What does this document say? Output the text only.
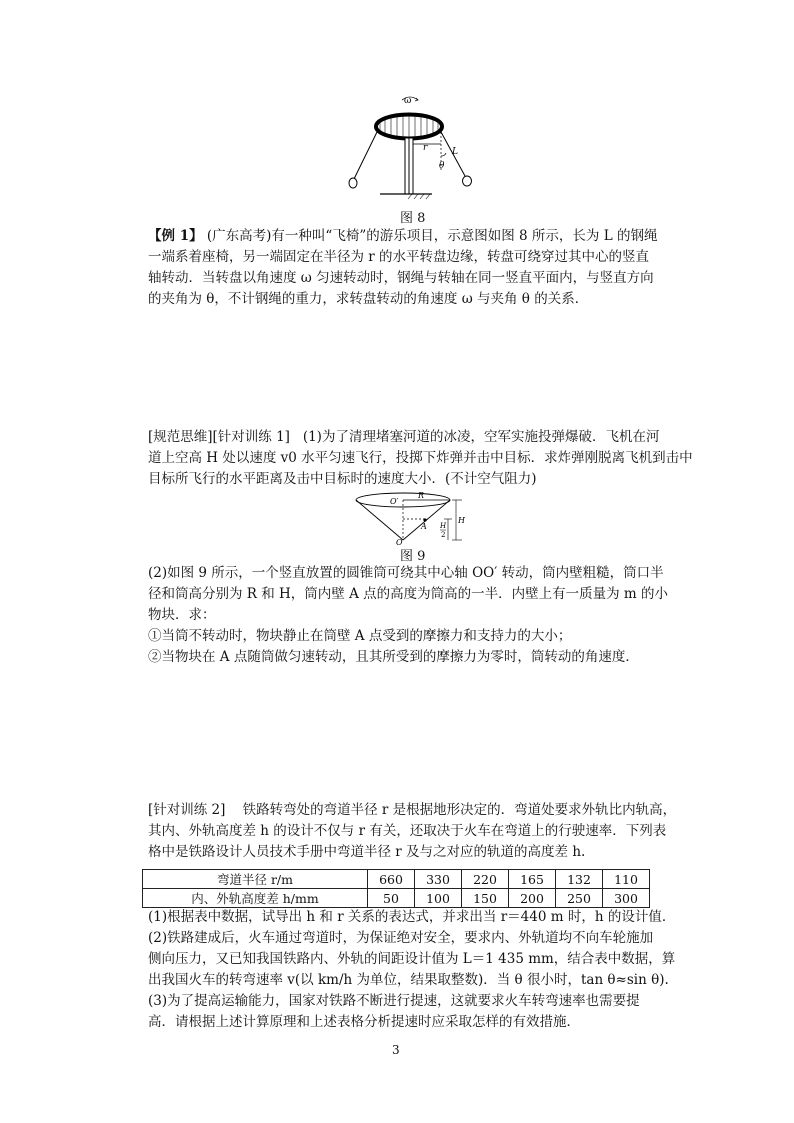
ω
r
θ
L
图 8
【例 1】 (广东高考)有一种叫“飞椅”的游乐项目，示意图如图 8 所示，长为 L 的钢绳
一端系着座椅，另一端固定在半径为 r 的水平转盘边缘，转盘可绕穿过其中心的竖直
轴转动．当转盘以角速度 ω 匀速转动时，钢绳与转轴在同一竖直平面内，与竖直方向
的夹角为 θ，不计钢绳的重力，求转盘转动的角速度 ω 与夹角 θ 的关系．
[规范思维][针对训练 1] (1)为了清理堵塞河道的冰凌，空军实施投弹爆破．飞机在河
道上空高 H 处以速度 v0 水平匀速飞行，投掷下炸弹并击中目标．求炸弹刚脱离飞机到击中
目标所飞行的水平距离及击中目标时的速度大小．(不计空气阻力)
O′
R
A
H
H
2
O
图 9
(2)如图 9 所示，一个竖直放置的圆锥筒可绕其中心轴 OO′ 转动，筒内壁粗糙，筒口半
径和筒高分别为 R 和 H，筒内壁 A 点的高度为筒高的一半．内壁上有一质量为 m 的小
物块．求：
①当筒不转动时，物块静止在筒壁 A 点受到的摩擦力和支持力的大小；
②当物块在 A 点随筒做匀速转动，且其所受到的摩擦力为零时，筒转动的角速度．
[针对训练 2] 铁路转弯处的弯道半径 r 是根据地形决定的．弯道处要求外轨比内轨高，
其内、外轨高度差 h 的设计不仅与 r 有关，还取决于火车在弯道上的行驶速率．下列表
格中是铁路设计人员技术手册中弯道半径 r 及与之对应的轨道的高度差 h.
弯道半径 r/m	660	330	220	165	132	110
内、外轨高度差 h/mm	50	100	150	200	250	300
(1)根据表中数据，试导出 h 和 r 关系的表达式，并求出当 r＝440 m 时，h 的设计值．
(2)铁路建成后，火车通过弯道时，为保证绝对安全，要求内、外轨道均不向车轮施加
侧向压力，又已知我国铁路内、外轨的间距设计值为 L＝1 435 mm，结合表中数据，算
出我国火车的转弯速率 v(以 km/h 为单位，结果取整数)．当 θ 很小时，tan θ≈sin θ).
(3)为了提高运输能力，国家对铁路不断进行提速，这就要求火车转弯速率也需要提
高．请根据上述计算原理和上述表格分析提速时应采取怎样的有效措施．
3
